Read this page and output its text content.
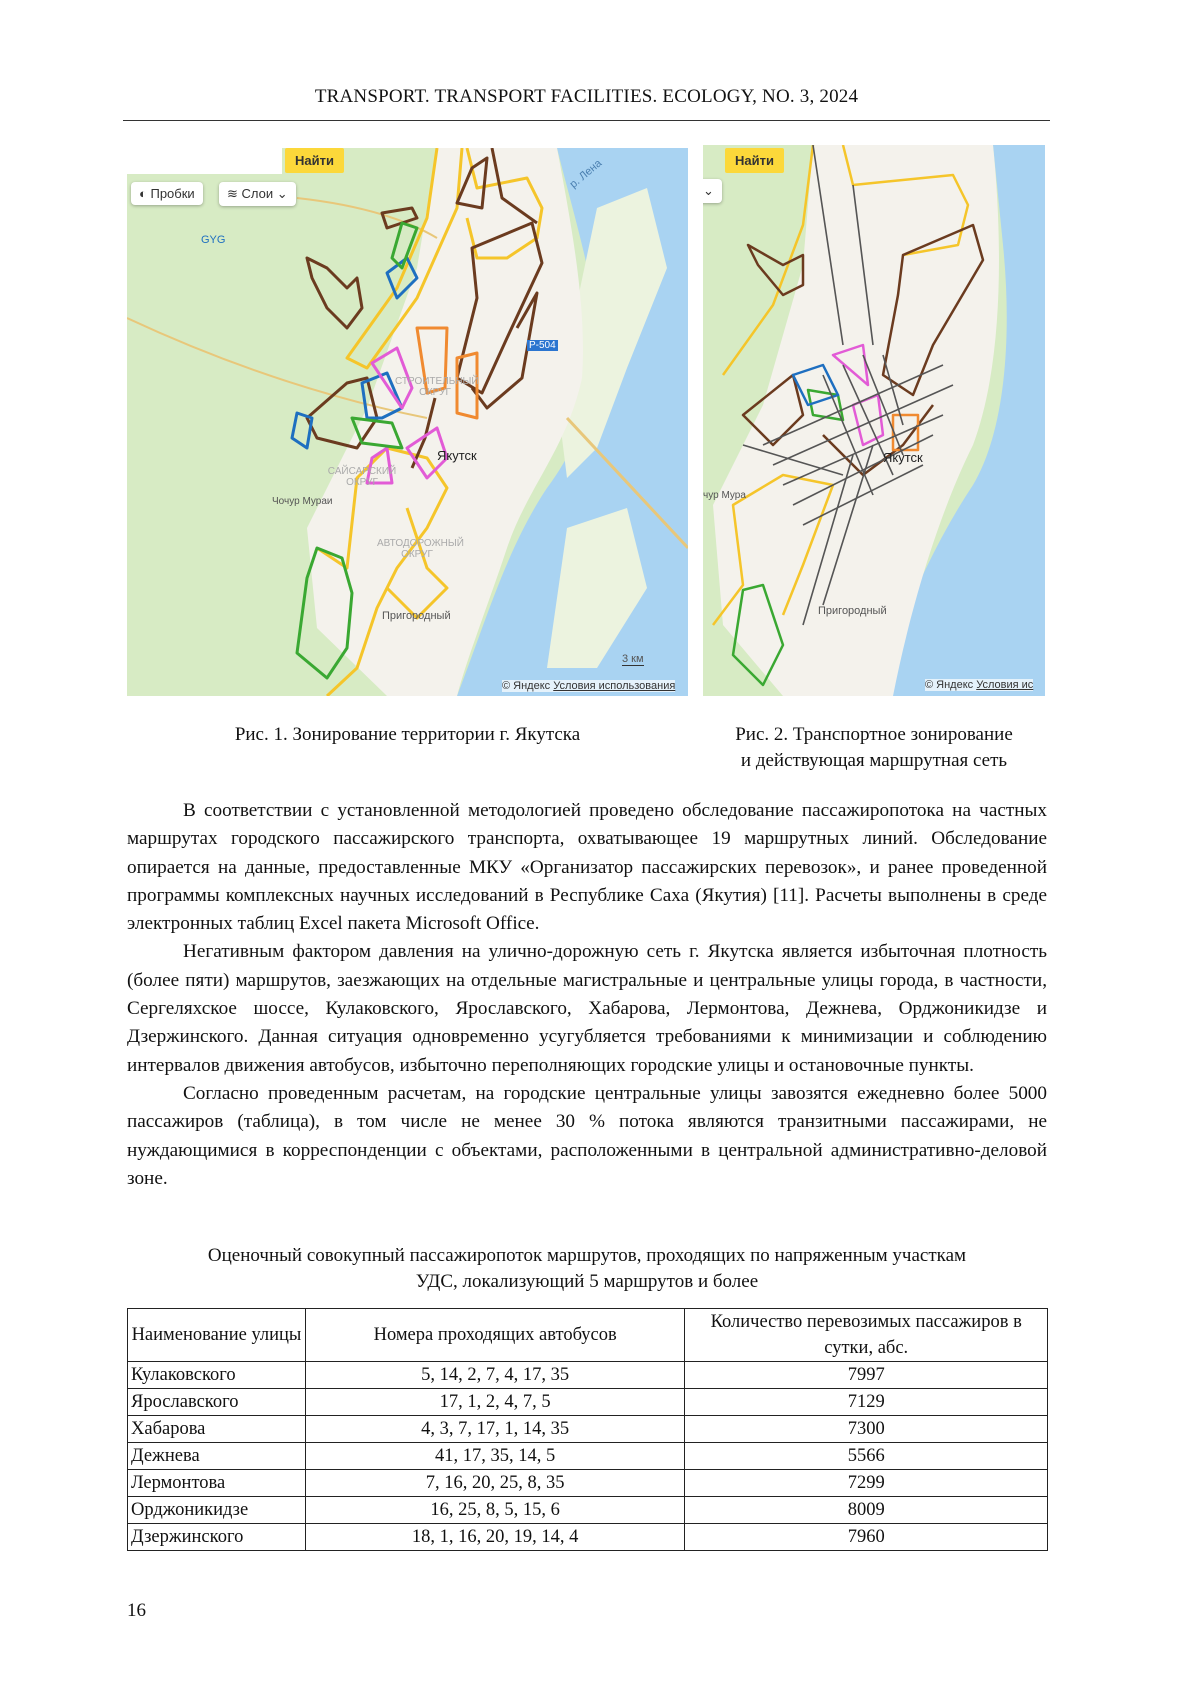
TRANSPORT. TRANSPORT FACILITIES. ECOLOGY, NO. 3, 2024
Найти
◐ Пробки	≋ Слои ⌄
GYG
р. Лена
Р-504
Якутск
СТРОИТЕЛЬНЫЙ ОКРУГ
САЙСАРСКИЙ ОКРУГ
АВТОДОРОЖНЫЙ ОКРУГ
Пригородный
Чочур Мураи
3 км
© Яндекс Условия использования
Найти
⌄
Якутск
Пригородный
чур Мура
© Яндекс Условия ис
Рис. 1. Зонирование территории г. Якутска	Рис. 2. Транспортное зонирование
и действующая маршрутная сеть

В соответствии с установленной методологией проведено обследование пассажиропотока на частных маршрутах городского пассажирского транспорта, охватывающее 19 маршрутных линий. Обследование опирается на данные, предоставленные МКУ «Организатор пассажирских перевозок», и ранее проведенной программы комплексных научных исследований в Республике Саха (Якутия) [11]. Расчеты выполнены в среде электронных таблиц Excel пакета Microsoft Office.

Негативным фактором давления на улично-дорожную сеть г. Якутска является избыточная плотность (более пяти) маршрутов, заезжающих на отдельные магистральные и центральные улицы города, в частности, Сергеляхское шоссе, Кулаковского, Ярославского, Хабарова, Лермонтова, Дежнева, Орджоникидзе и Дзержинского. Данная ситуация одновременно усугубляется требованиями к минимизации и соблюдению интервалов движения автобусов, избыточно переполняющих городские улицы и остановочные пункты.

Согласно проведенным расчетам, на городские центральные улицы завозятся ежедневно более 5000 пассажиров (таблица), в том числе не менее 30 % потока являются транзитными пассажирами, не нуждающимися в корреспонденции с объектами, расположенными в центральной административно-деловой зоне.

Оценочный совокупный пассажиропоток маршрутов, проходящих по напряженным участкам
УДС, локализующий 5 маршрутов и более
Наименование улицы	Номера проходящих автобусов	Количество перевозимых пассажиров в сутки, абс.
Кулаковского	5, 14, 2, 7, 4, 17, 35	7997
Ярославского	17, 1, 2, 4, 7, 5	7129
Хабарова	4, 3, 7, 17, 1, 14, 35	7300
Дежнева	41, 17, 35, 14, 5	5566
Лермонтова	7, 16, 20, 25, 8, 35	7299
Орджоникидзе	16, 25, 8, 5, 15, 6	8009
Дзержинского	18, 1, 16, 20, 19, 14, 4	7960
16
